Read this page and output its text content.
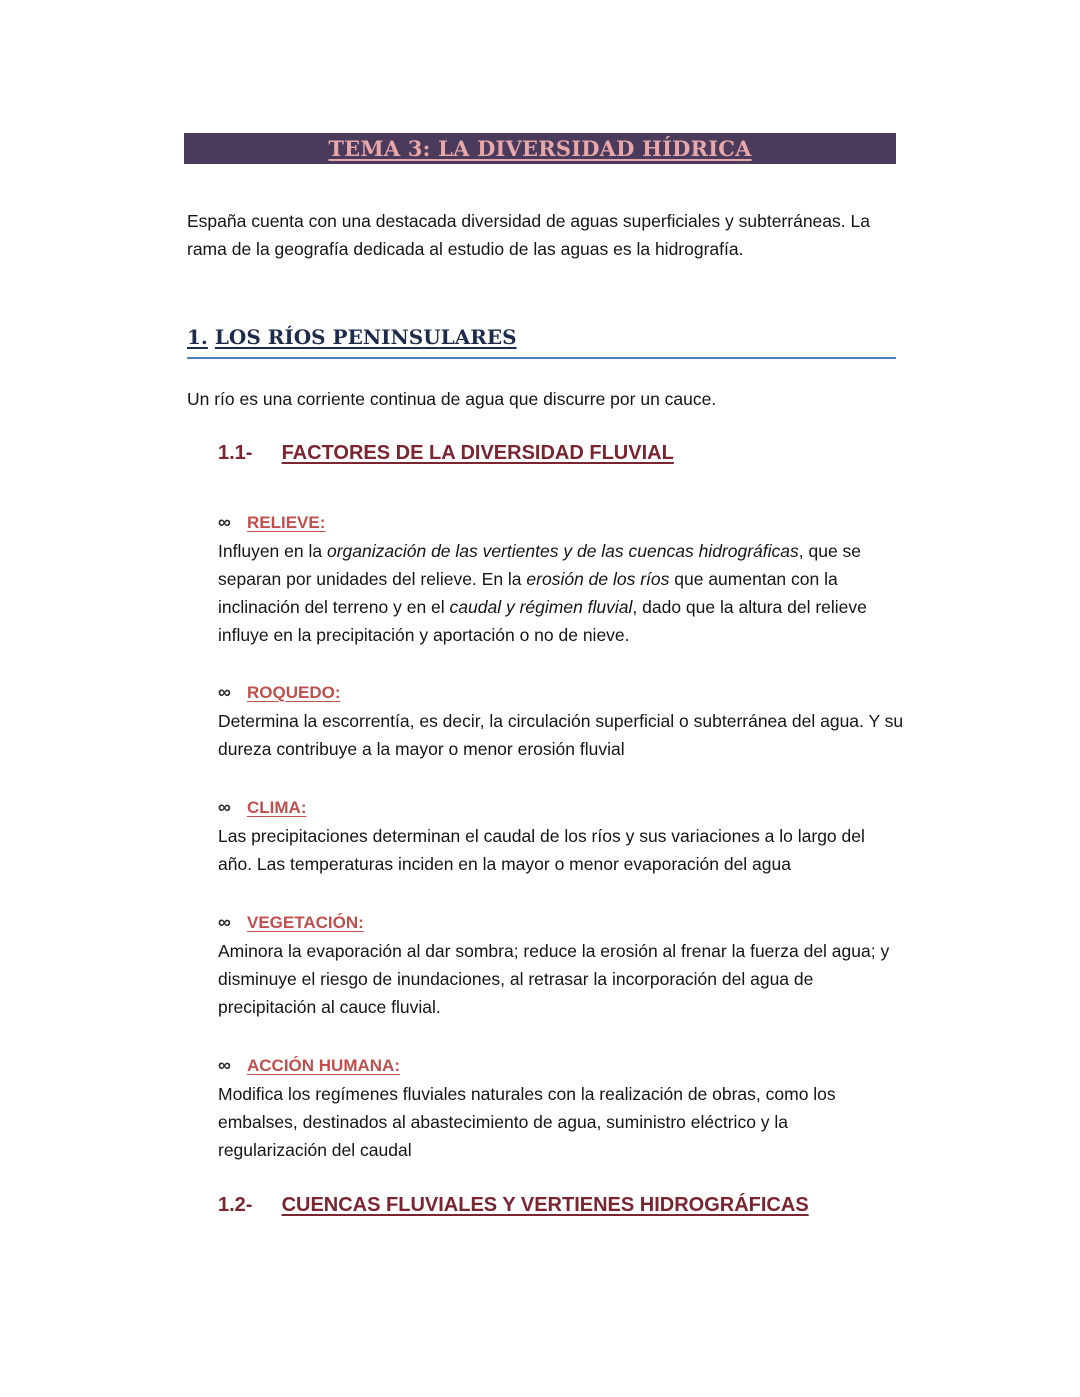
TEMA 3: LA DIVERSIDAD HÍDRICA
España cuenta con una destacada diversidad de aguas superficiales y subterráneas. La rama de la geografía dedicada al estudio de las aguas es la hidrografía.
1. LOS RÍOS PENINSULARES
Un río es una corriente continua de agua que discurre por un cauce.
1.1- FACTORES DE LA DIVERSIDAD FLUVIAL
∞ RELIEVE:
Influyen en la organización de las vertientes y de las cuencas hidrográficas, que se separan por unidades del relieve. En la erosión de los ríos que aumentan con la inclinación del terreno y en el caudal y régimen fluvial, dado que la altura del relieve influye en la precipitación y aportación o no de nieve.
∞ ROQUEDO:
Determina la escorrentía, es decir, la circulación superficial o subterránea del agua. Y su dureza contribuye a la mayor o menor erosión fluvial
∞ CLIMA:
Las precipitaciones determinan el caudal de los ríos y sus variaciones a lo largo del año. Las temperaturas inciden en la mayor o menor evaporación del agua
∞ VEGETACIÓN:
Aminora la evaporación al dar sombra; reduce la erosión al frenar la fuerza del agua; y disminuye el riesgo de inundaciones, al retrasar la incorporación del agua de precipitación al cauce fluvial.
∞ ACCIÓN HUMANA:
Modifica los regímenes fluviales naturales con la realización de obras, como los embalses, destinados al abastecimiento de agua, suministro eléctrico y la regularización del caudal
1.2- CUENCAS FLUVIALES Y VERTIENES HIDROGRÁFICAS
